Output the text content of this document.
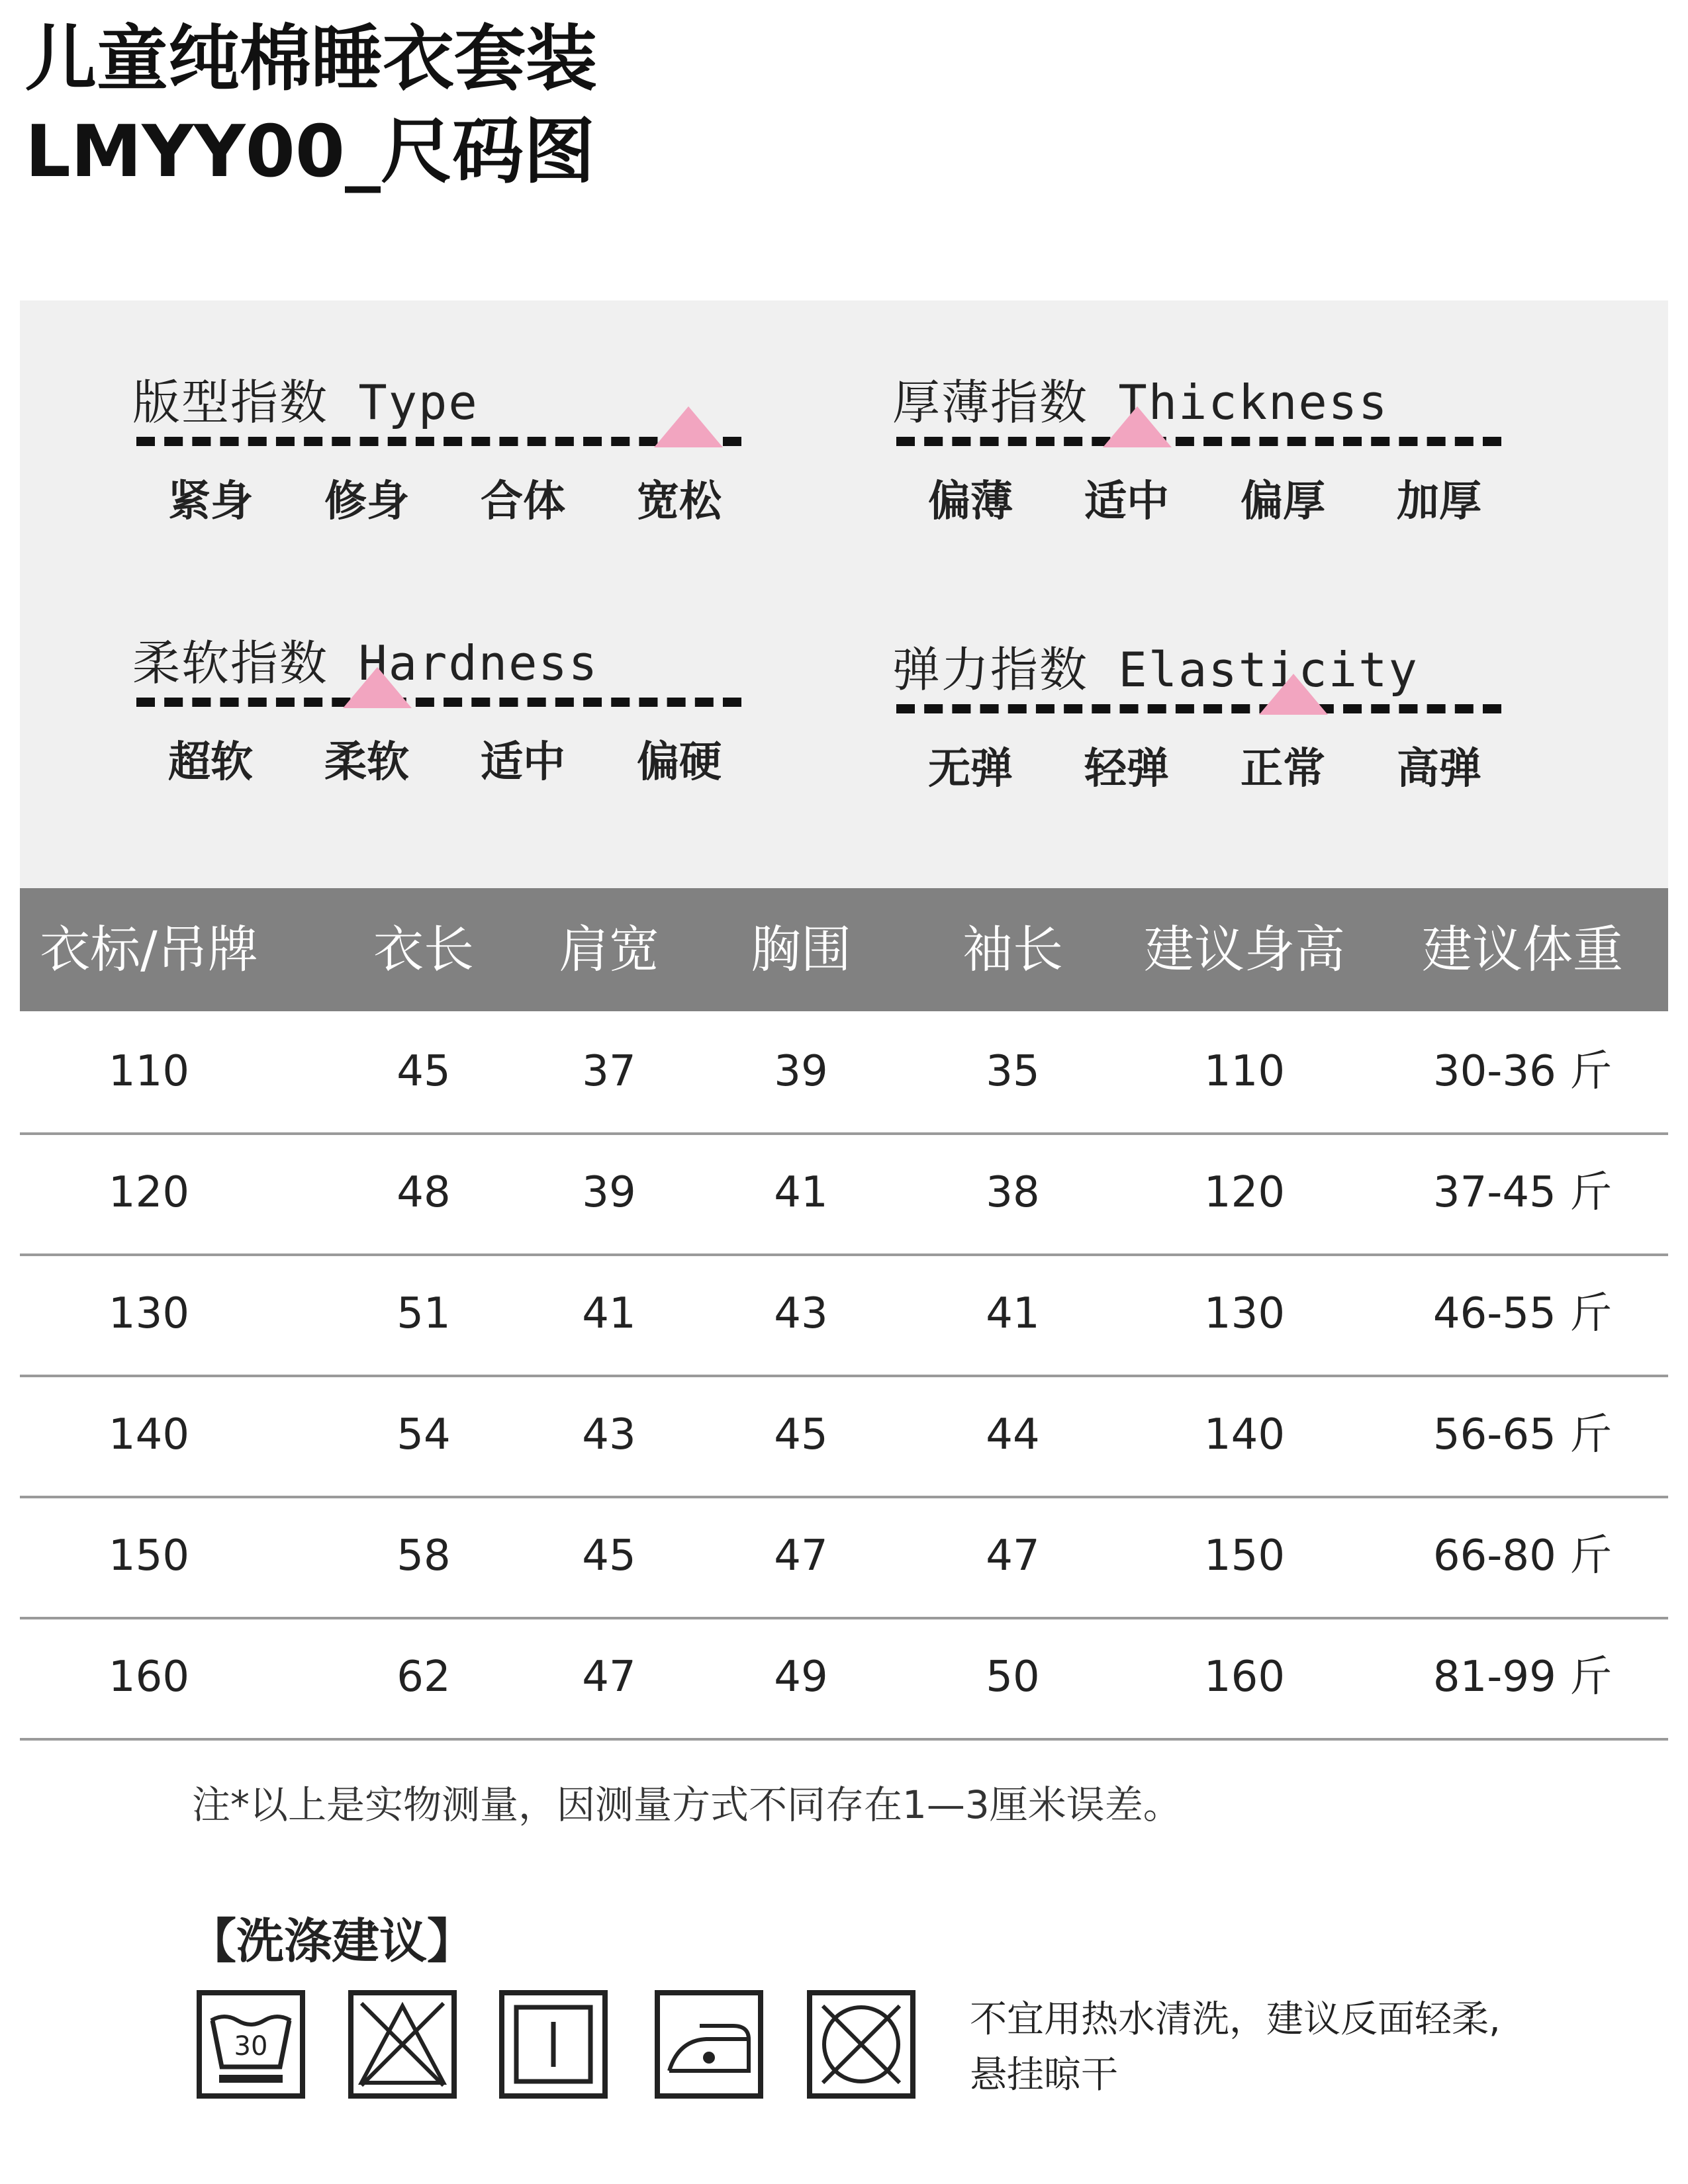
儿童纯棉睡衣套装
LMYY00_尺码图
版型指数 Type
紧身	修身	合体	宽松
厚薄指数 Thickness
偏薄	适中	偏厚	加厚
柔软指数 Hardness
超软	柔软	适中	偏硬
弹力指数 Elasticity
无弹	轻弹	正常	高弹
衣标/吊牌	衣长	肩宽	胸围	袖长	建议身高	建议体重
110	45	37	39	35	110	30-36 斤
120	48	39	41	38	120	37-45 斤
130	51	41	43	41	130	46-55 斤
140	54	43	45	44	140	56-65 斤
150	58	45	47	47	150	66-80 斤
160	62	47	49	50	160	81-99 斤
注*以上是实物测量，因测量方式不同存在1—3厘米误差。
【洗涤建议】
30
不宜用热水清洗，建议反面轻柔,
悬挂晾干
